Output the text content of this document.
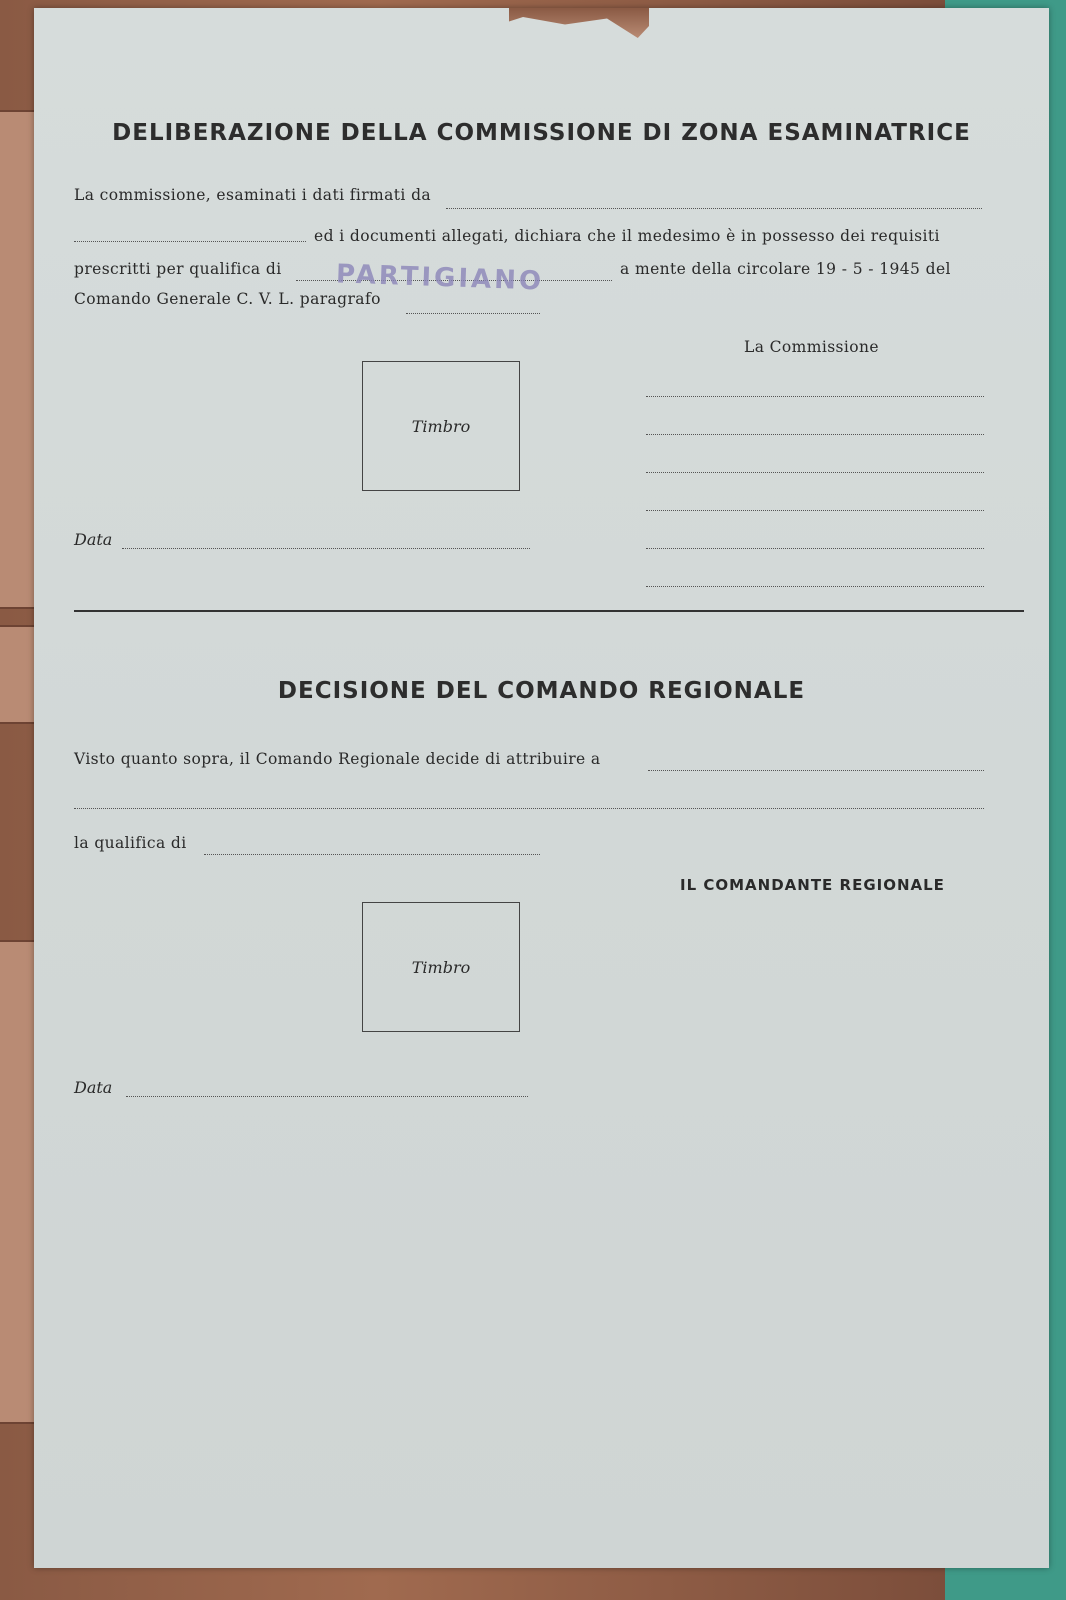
DELIBERAZIONE DELLA COMMISSIONE DI ZONA ESAMINATRICE
La commissione, esaminati i dati firmati da
ed i documenti allegati, dichiara che il medesimo è in possesso dei requisiti
prescritti per qualifica di PARTIGIANO	a mente della circolare 19 - 5 - 1945 del
Comando Generale C. V. L. paragrafo
La Commissione
Timbro
Data
DECISIONE DEL COMANDO REGIONALE
Visto quanto sopra, il Comando Regionale decide di attribuire a
la qualifica di
IL COMANDANTE REGIONALE
Timbro
Data
